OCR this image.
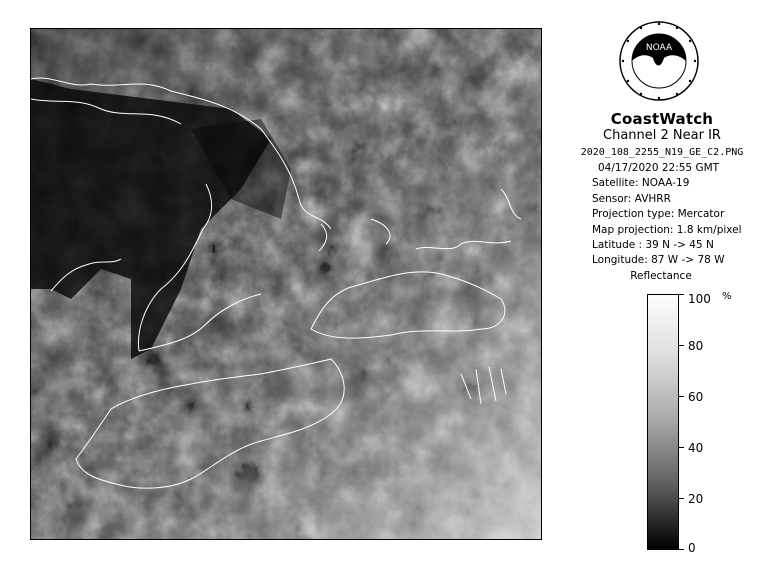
NOAA
CoastWatch
Channel 2 Near IR
2020_108_2255_N19_GE_C2.PNG
04/17/2020 22:55 GMT
Satellite: NOAA-19
Sensor: AVHRR
Projection type: Mercator
Map projection: 1.8 km/pixel
Latitude : 39 N -> 45 N
Longitude: 87 W -> 78 W
Reflectance
%
100
80
60
40
20
0
